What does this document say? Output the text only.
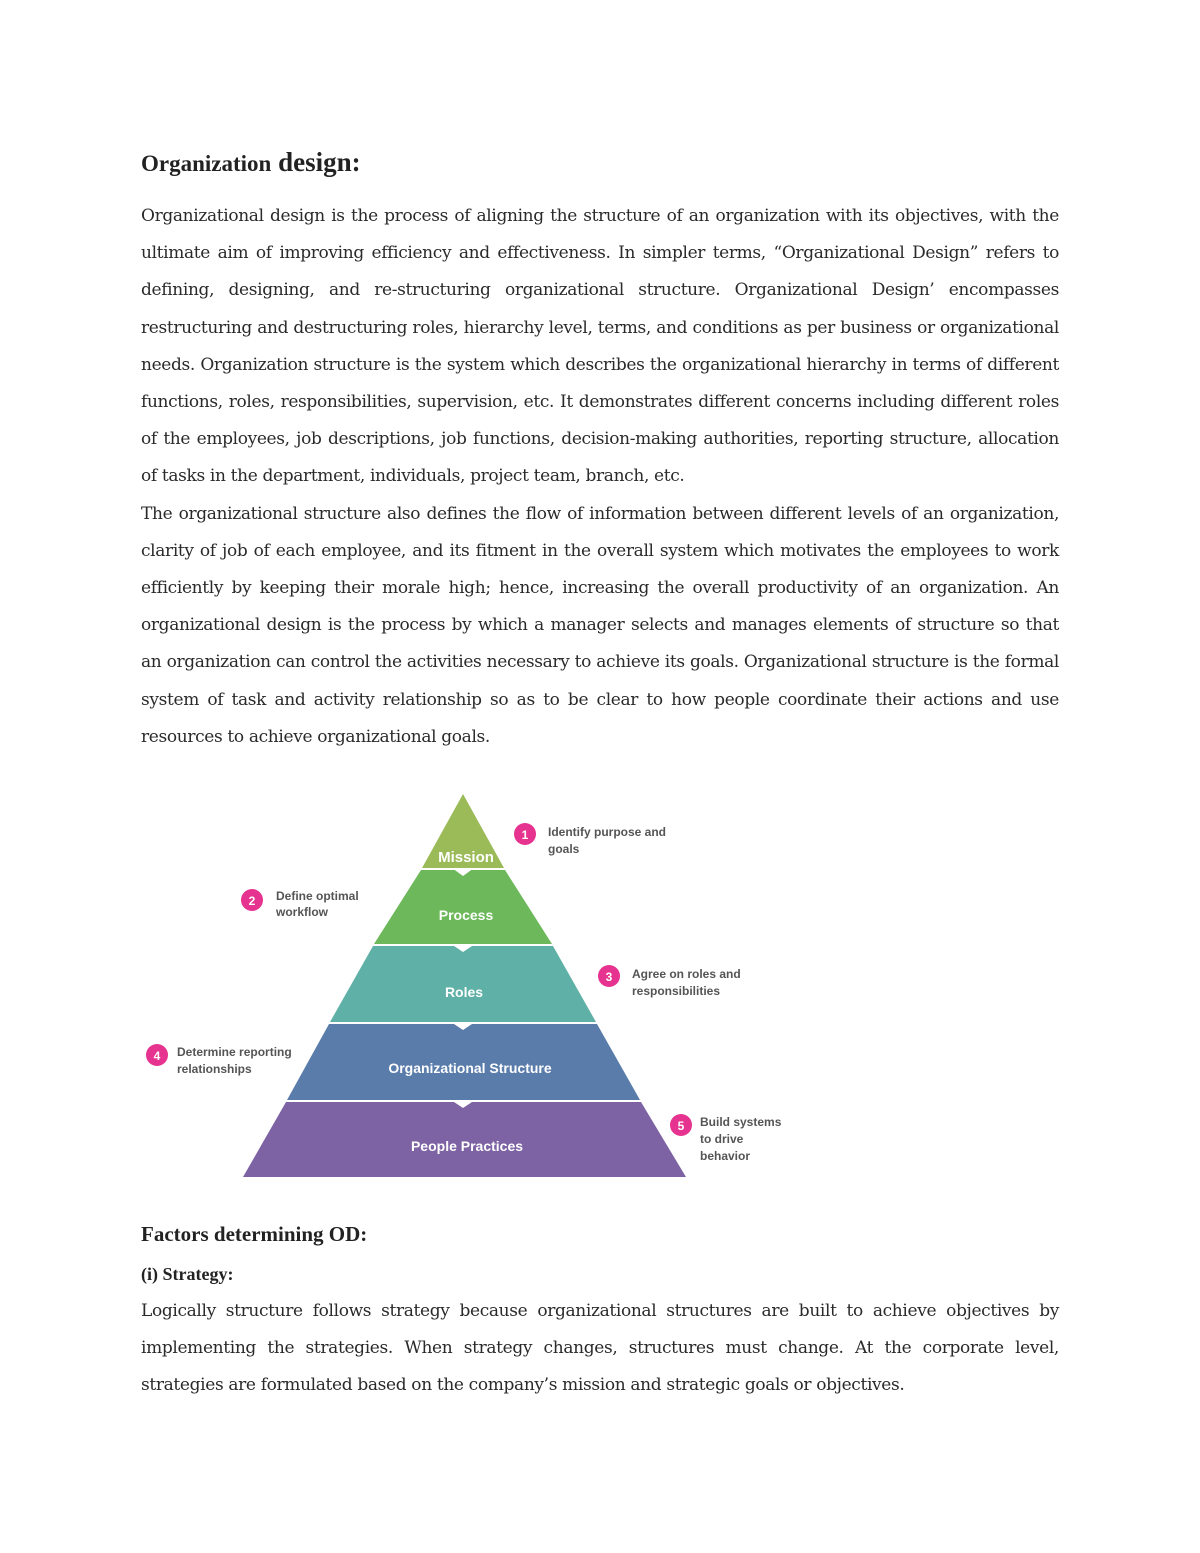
Organization design:

Organizational design is the process of aligning the structure of an organization with its objectives, with the ultimate aim of improving efficiency and effectiveness. In simpler terms, “Organizational Design” refers to defining, designing, and re-structuring organizational structure. Organizational Design’ encompasses restructuring and destructuring roles, hierarchy level, terms, and conditions as per business or organizational needs. Organization structure is the system which describes the organizational hierarchy in terms of different functions, roles, responsibilities, supervision, etc. It demonstrates different concerns including different roles of the employees, job descriptions, job functions, decision-making authorities, reporting structure, allocation of tasks in the department, individuals, project team, branch, etc.

The organizational structure also defines the flow of information between different levels of an organization, clarity of job of each employee, and its fitment in the overall system which motivates the employees to work efficiently by keeping their morale high; hence, increasing the overall productivity of an organization. An organizational design is the process by which a manager selects and manages elements of structure so that an organization can control the activities necessary to achieve its goals. Organizational structure is the formal system of task and activity relationship so as to be clear to how people coordinate their actions and use resources to achieve organizational goals.

Mission
Process
Roles
Organizational Structure
People Practices
1 Identify purpose and
goals
2 Define optimal
workflow
3 Agree on roles and
responsibilities
4 Determine reporting
relationships
5 Build systems
to drive
behavior
Factors determining OD:
(i) Strategy:

Logically structure follows strategy because organizational structures are built to achieve objectives by implementing the strategies. When strategy changes, structures must change. At the corporate level, strategies are formulated based on the company’s mission and strategic goals or objectives.
